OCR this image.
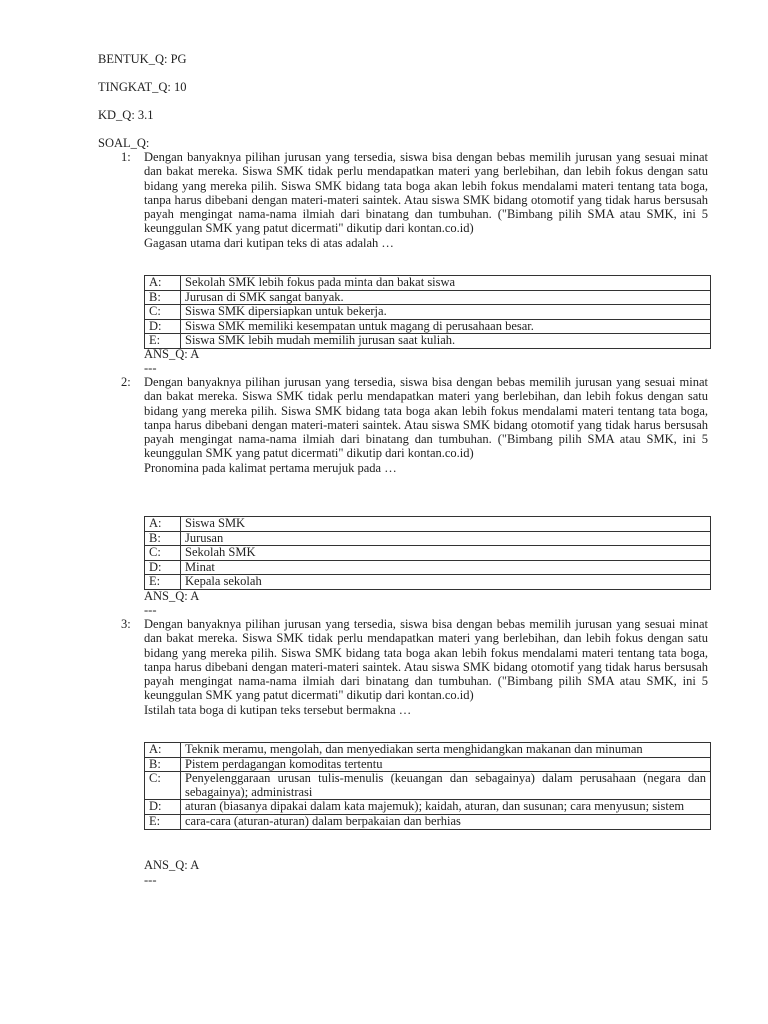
BENTUK_Q: PG
TINGKAT_Q: 10
KD_Q: 3.1
SOAL_Q:
1: Dengan banyaknya pilihan jurusan yang tersedia, siswa bisa dengan bebas memilih jurusan yang sesuai minat dan bakat mereka. Siswa SMK tidak perlu mendapatkan materi yang berlebihan, dan lebih fokus dengan satu bidang yang mereka pilih. Siswa SMK bidang tata boga akan lebih fokus mendalami materi tentang tata boga, tanpa harus dibebani dengan materi-materi saintek. Atau siswa SMK bidang otomotif yang tidak harus bersusah payah mengingat nama-nama ilmiah dari binatang dan tumbuhan. ("Bimbang pilih SMA atau SMK, ini 5 keunggulan SMK yang patut dicermati" dikutip dari kontan.co.id)
Gagasan utama dari kutipan teks di atas adalah …
A:	Sekolah SMK lebih fokus pada minta dan bakat siswa
B:	Jurusan di SMK sangat banyak.
C:	Siswa SMK dipersiapkan untuk bekerja.
D:	Siswa SMK memiliki kesempatan untuk magang di perusahaan besar.
E:	Siswa SMK lebih mudah memilih jurusan saat kuliah.
ANS_Q: A
---
2: Dengan banyaknya pilihan jurusan yang tersedia, siswa bisa dengan bebas memilih jurusan yang sesuai minat dan bakat mereka. Siswa SMK tidak perlu mendapatkan materi yang berlebihan, dan lebih fokus dengan satu bidang yang mereka pilih. Siswa SMK bidang tata boga akan lebih fokus mendalami materi tentang tata boga, tanpa harus dibebani dengan materi-materi saintek. Atau siswa SMK bidang otomotif yang tidak harus bersusah payah mengingat nama-nama ilmiah dari binatang dan tumbuhan. ("Bimbang pilih SMA atau SMK, ini 5 keunggulan SMK yang patut dicermati" dikutip dari kontan.co.id)
Pronomina pada kalimat pertama merujuk pada …
A:	Siswa SMK
B:	Jurusan
C:	Sekolah SMK
D:	Minat
E:	Kepala sekolah
ANS_Q: A
---
3: Dengan banyaknya pilihan jurusan yang tersedia, siswa bisa dengan bebas memilih jurusan yang sesuai minat dan bakat mereka. Siswa SMK tidak perlu mendapatkan materi yang berlebihan, dan lebih fokus dengan satu bidang yang mereka pilih. Siswa SMK bidang tata boga akan lebih fokus mendalami materi tentang tata boga, tanpa harus dibebani dengan materi-materi saintek. Atau siswa SMK bidang otomotif yang tidak harus bersusah payah mengingat nama-nama ilmiah dari binatang dan tumbuhan. ("Bimbang pilih SMA atau SMK, ini 5 keunggulan SMK yang patut dicermati" dikutip dari kontan.co.id)
Istilah tata boga di kutipan teks tersebut bermakna …
A:	Teknik meramu, mengolah, dan menyediakan serta menghidangkan makanan dan minuman
B:	Pistem perdagangan komoditas tertentu
C:	Penyelenggaraan urusan tulis-menulis (keuangan dan sebagainya) dalam perusahaan (negara dan sebagainya); administrasi
D:	aturan (biasanya dipakai dalam kata majemuk); kaidah, aturan, dan susunan; cara menyusun; sistem
E:	cara-cara (aturan-aturan) dalam berpakaian dan berhias
ANS_Q: A
---
